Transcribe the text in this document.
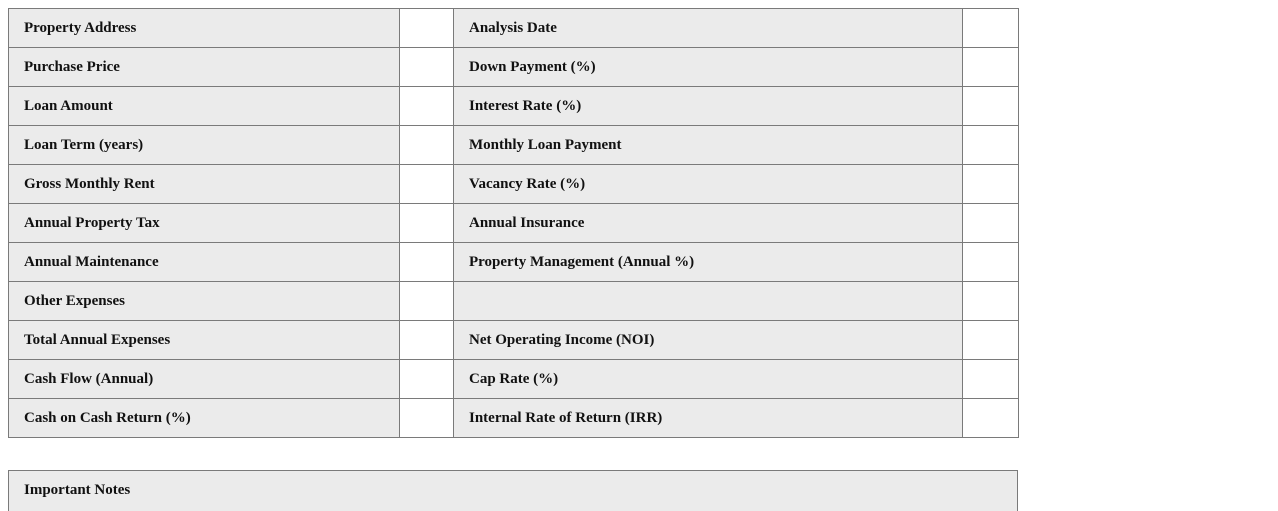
Property Address		Analysis Date	
Purchase Price		Down Payment (%)	
Loan Amount		Interest Rate (%)	
Loan Term (years)		Monthly Loan Payment	
Gross Monthly Rent		Vacancy Rate (%)	
Annual Property Tax		Annual Insurance	
Annual Maintenance		Property Management (Annual %)	
Other Expenses			
Total Annual Expenses		Net Operating Income (NOI)	
Cash Flow (Annual)		Cap Rate (%)	
Cash on Cash Return (%)		Internal Rate of Return (IRR)	
Important Notes
